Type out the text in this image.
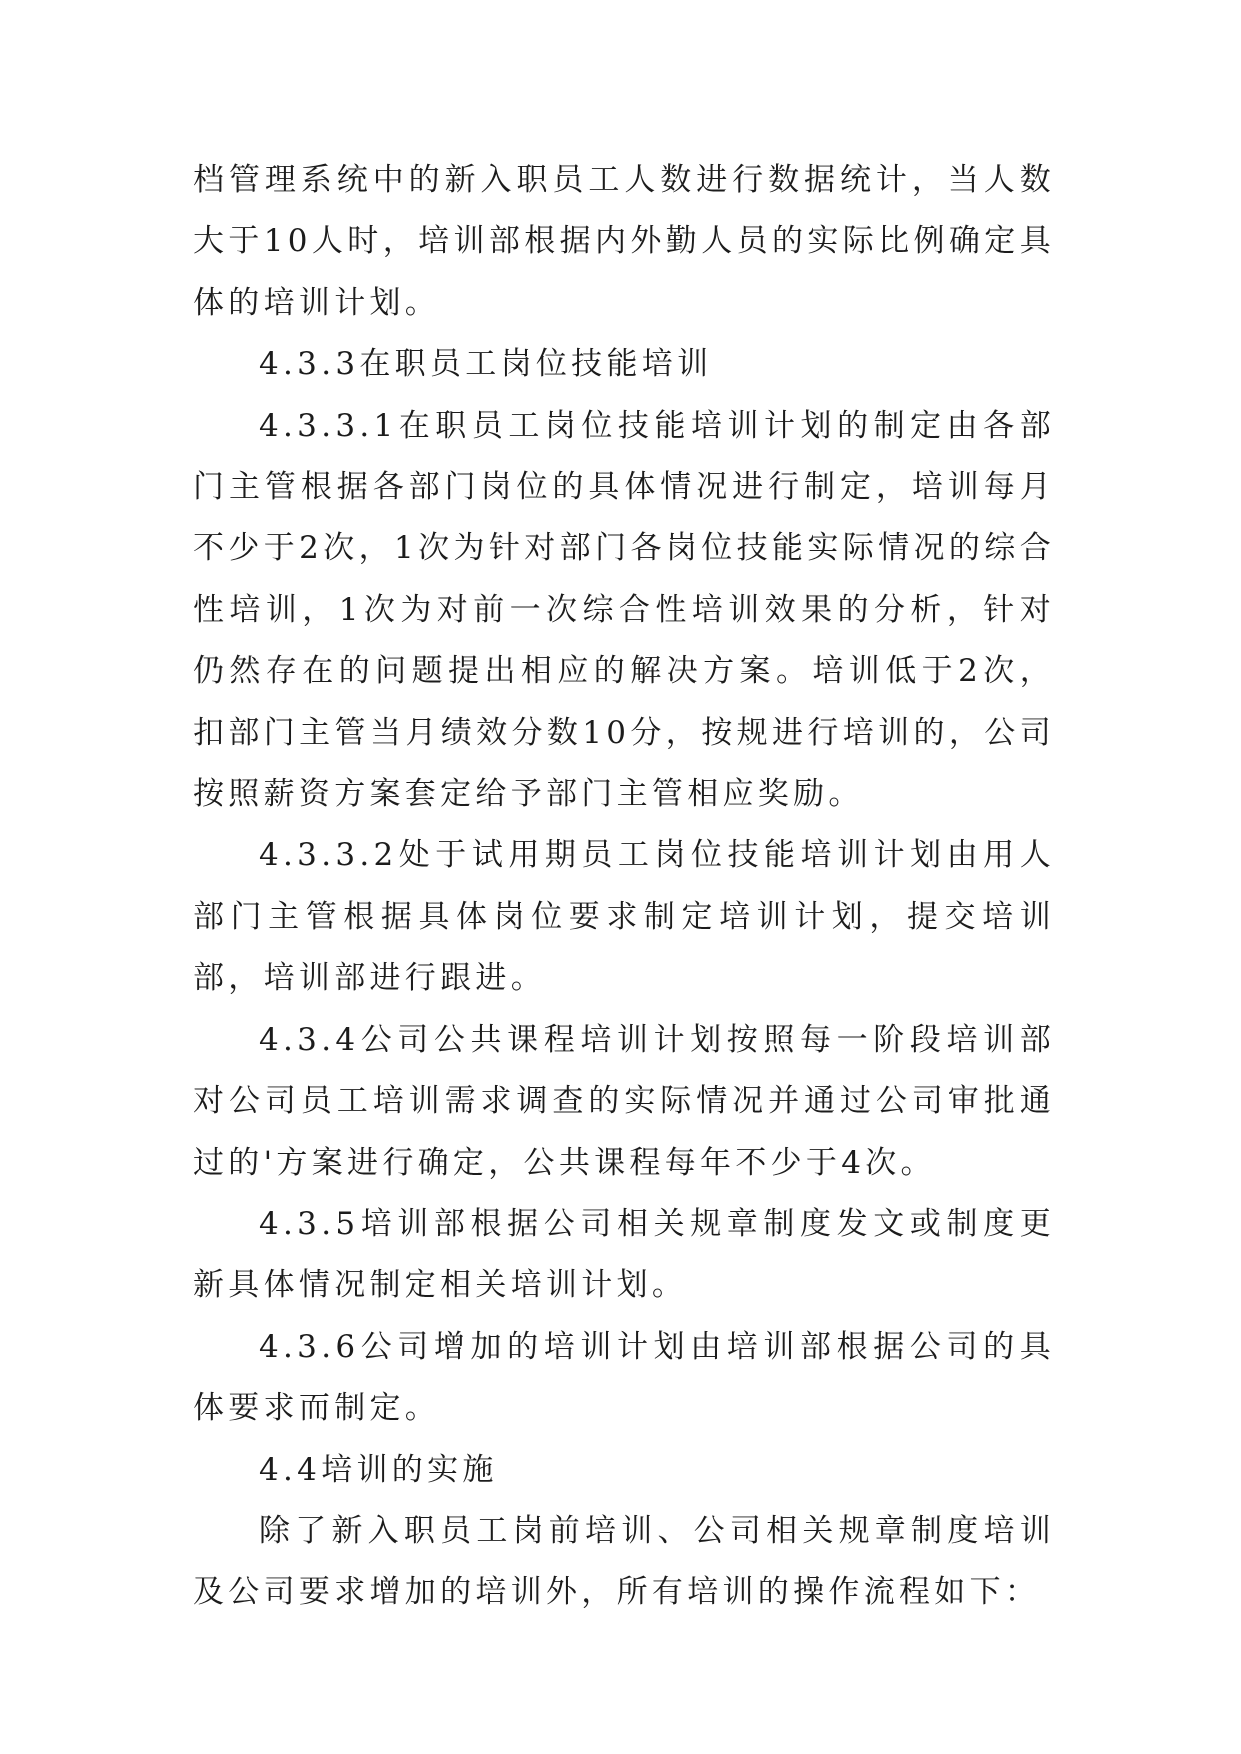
档管理系统中的新入职员工人数进行数据统计，当人数大于10人时，培训部根据内外勤人员的实际比例确定具体的培训计划。

4.3.3在职员工岗位技能培训

4.3.3.1在职员工岗位技能培训计划的制定由各部门主管根据各部门岗位的具体情况进行制定，培训每月不少于2次，1次为针对部门各岗位技能实际情况的综合性培训，1次为对前一次综合性培训效果的分析，针对仍然存在的问题提出相应的解决方案。培训低于2次，扣部门主管当月绩效分数10分，按规进行培训的，公司按照薪资方案套定给予部门主管相应奖励。

4.3.3.2处于试用期员工岗位技能培训计划由用人部门主管根据具体岗位要求制定培训计划，提交培训部，培训部进行跟进。

4.3.4公司公共课程培训计划按照每一阶段培训部对公司员工培训需求调查的实际情况并通过公司审批通过的'方案进行确定，公共课程每年不少于4次。

4.3.5培训部根据公司相关规章制度发文或制度更新具体情况制定相关培训计划。

4.3.6公司增加的培训计划由培训部根据公司的具体要求而制定。

4.4培训的实施

除了新入职员工岗前培训、公司相关规章制度培训及公司要求增加的培训外，所有培训的操作流程如下：
